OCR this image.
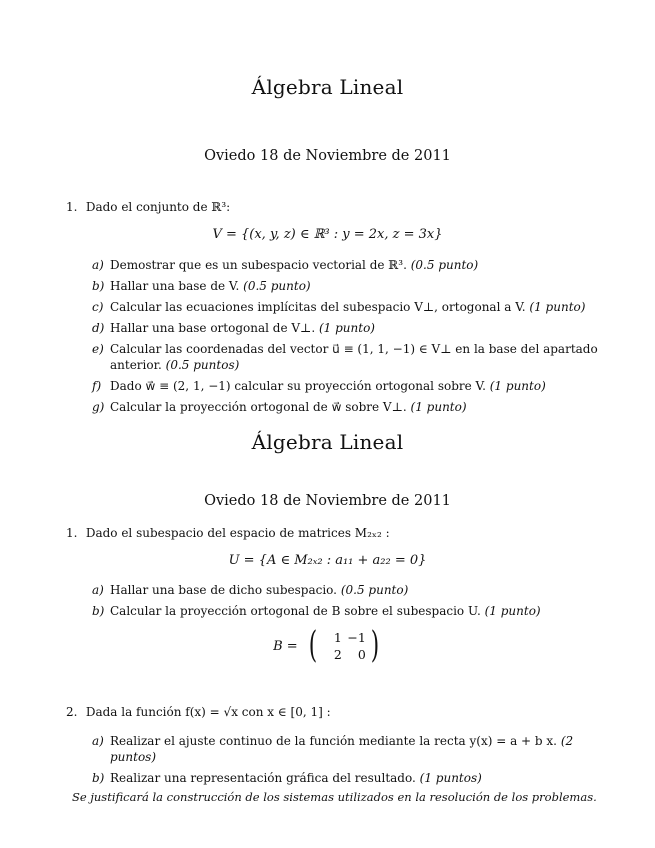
Álgebra Lineal
Oviedo 18 de Noviembre de 2011
1. Dado el conjunto de ℝ³:
V = {(x, y, z) ∈ ℝ³ : y = 2x, z = 3x}

a) Demostrar que es un subespacio vectorial de ℝ³. (0.5 punto)

b) Hallar una base de V. (0.5 punto)

c) Calcular las ecuaciones implícitas del subespacio V⊥, ortogonal a V. (1 punto)

d) Hallar una base ortogonal de V⊥. (1 punto)

e) Calcular las coordenadas del vector u⃗ ≡ (1, 1, −1) ∈ V⊥ en la base del apartado anterior. (0.5 puntos)

f) Dado w⃗ ≡ (2, 1, −1) calcular su proyección ortogonal sobre V. (1 punto)

g) Calcular la proyección ortogonal de w⃗ sobre V⊥. (1 punto)

Álgebra Lineal
Oviedo 18 de Noviembre de 2011
1. Dado el subespacio del espacio de matrices M₂ₓ₂ :
U = {A ∈ M₂ₓ₂ : a₁₁ + a₂₂ = 0}

a) Hallar una base de dicho subespacio. (0.5 punto)

b) Calcular la proyección ortogonal de B sobre el subespacio U. (1 punto)

B = (	1 −1
2	0 )
2. Dada la función f(x) = √x con x ∈ [0, 1] :

a) Realizar el ajuste continuo de la función mediante la recta y(x) = a + b x. (2 puntos)

b) Realizar una representación gráfica del resultado. (1 puntos)

Se justificará la construcción de los sistemas utilizados en la resolución de los problemas.
